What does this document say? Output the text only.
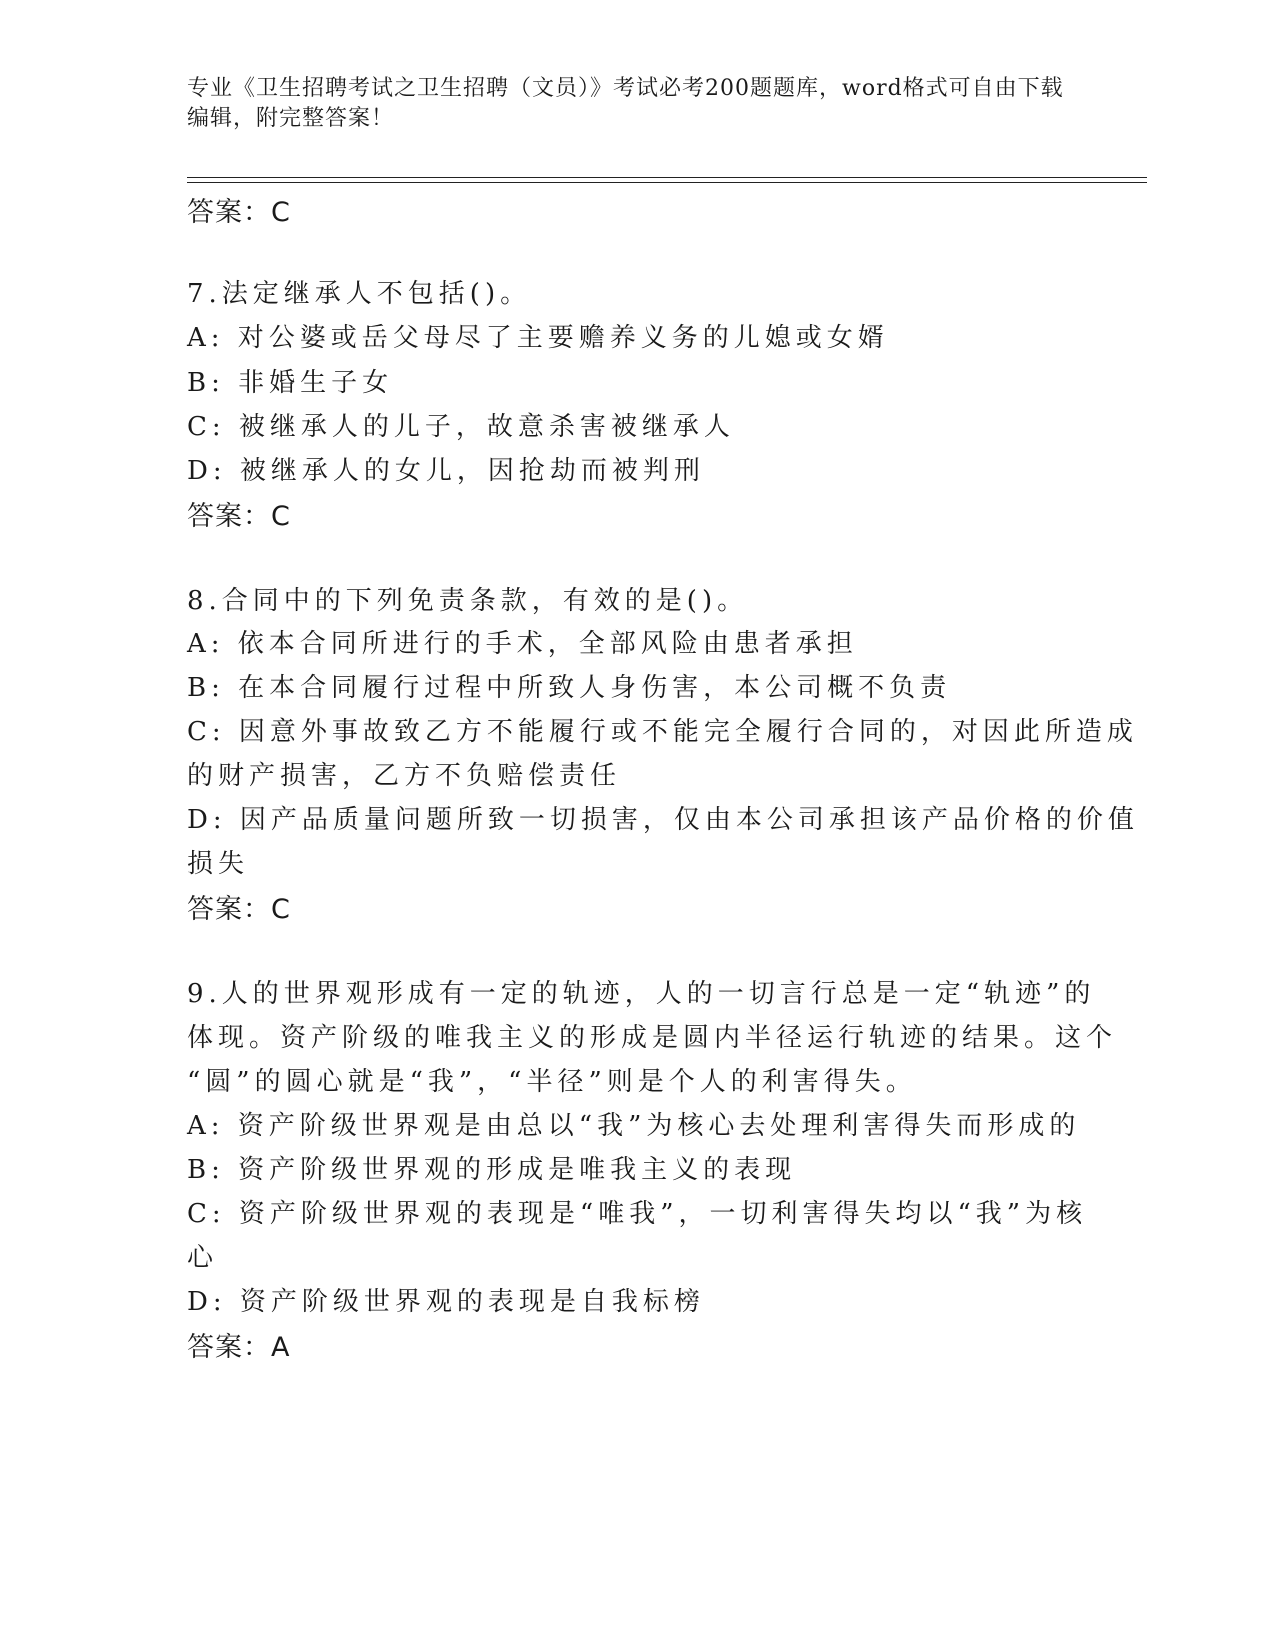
专业《卫生招聘考试之卫生招聘（文员）》考试必考200题题库，word格式可自由下载编辑，附完整答案！
答案：C
7.法定继承人不包括()。
A: 对公婆或岳父母尽了主要赡养义务的儿媳或女婿
B: 非婚生子女
C: 被继承人的儿子，故意杀害被继承人
D: 被继承人的女儿，因抢劫而被判刑
答案：C
8.合同中的下列免责条款，有效的是()。
A: 依本合同所进行的手术，全部风险由患者承担
B: 在本合同履行过程中所致人身伤害，本公司概不负责
C: 因意外事故致乙方不能履行或不能完全履行合同的，对因此所造成
的财产损害，乙方不负赔偿责任
D: 因产品质量问题所致一切损害，仅由本公司承担该产品价格的价值
损失
答案：C
9.人的世界观形成有一定的轨迹，人的一切言行总是一定“轨迹”的
体现。资产阶级的唯我主义的形成是圆内半径运行轨迹的结果。这个
“圆”的圆心就是“我”，“半径”则是个人的利害得失。
A: 资产阶级世界观是由总以“我”为核心去处理利害得失而形成的
B: 资产阶级世界观的形成是唯我主义的表现
C: 资产阶级世界观的表现是“唯我”，一切利害得失均以“我”为核
心
D: 资产阶级世界观的表现是自我标榜
答案：A
